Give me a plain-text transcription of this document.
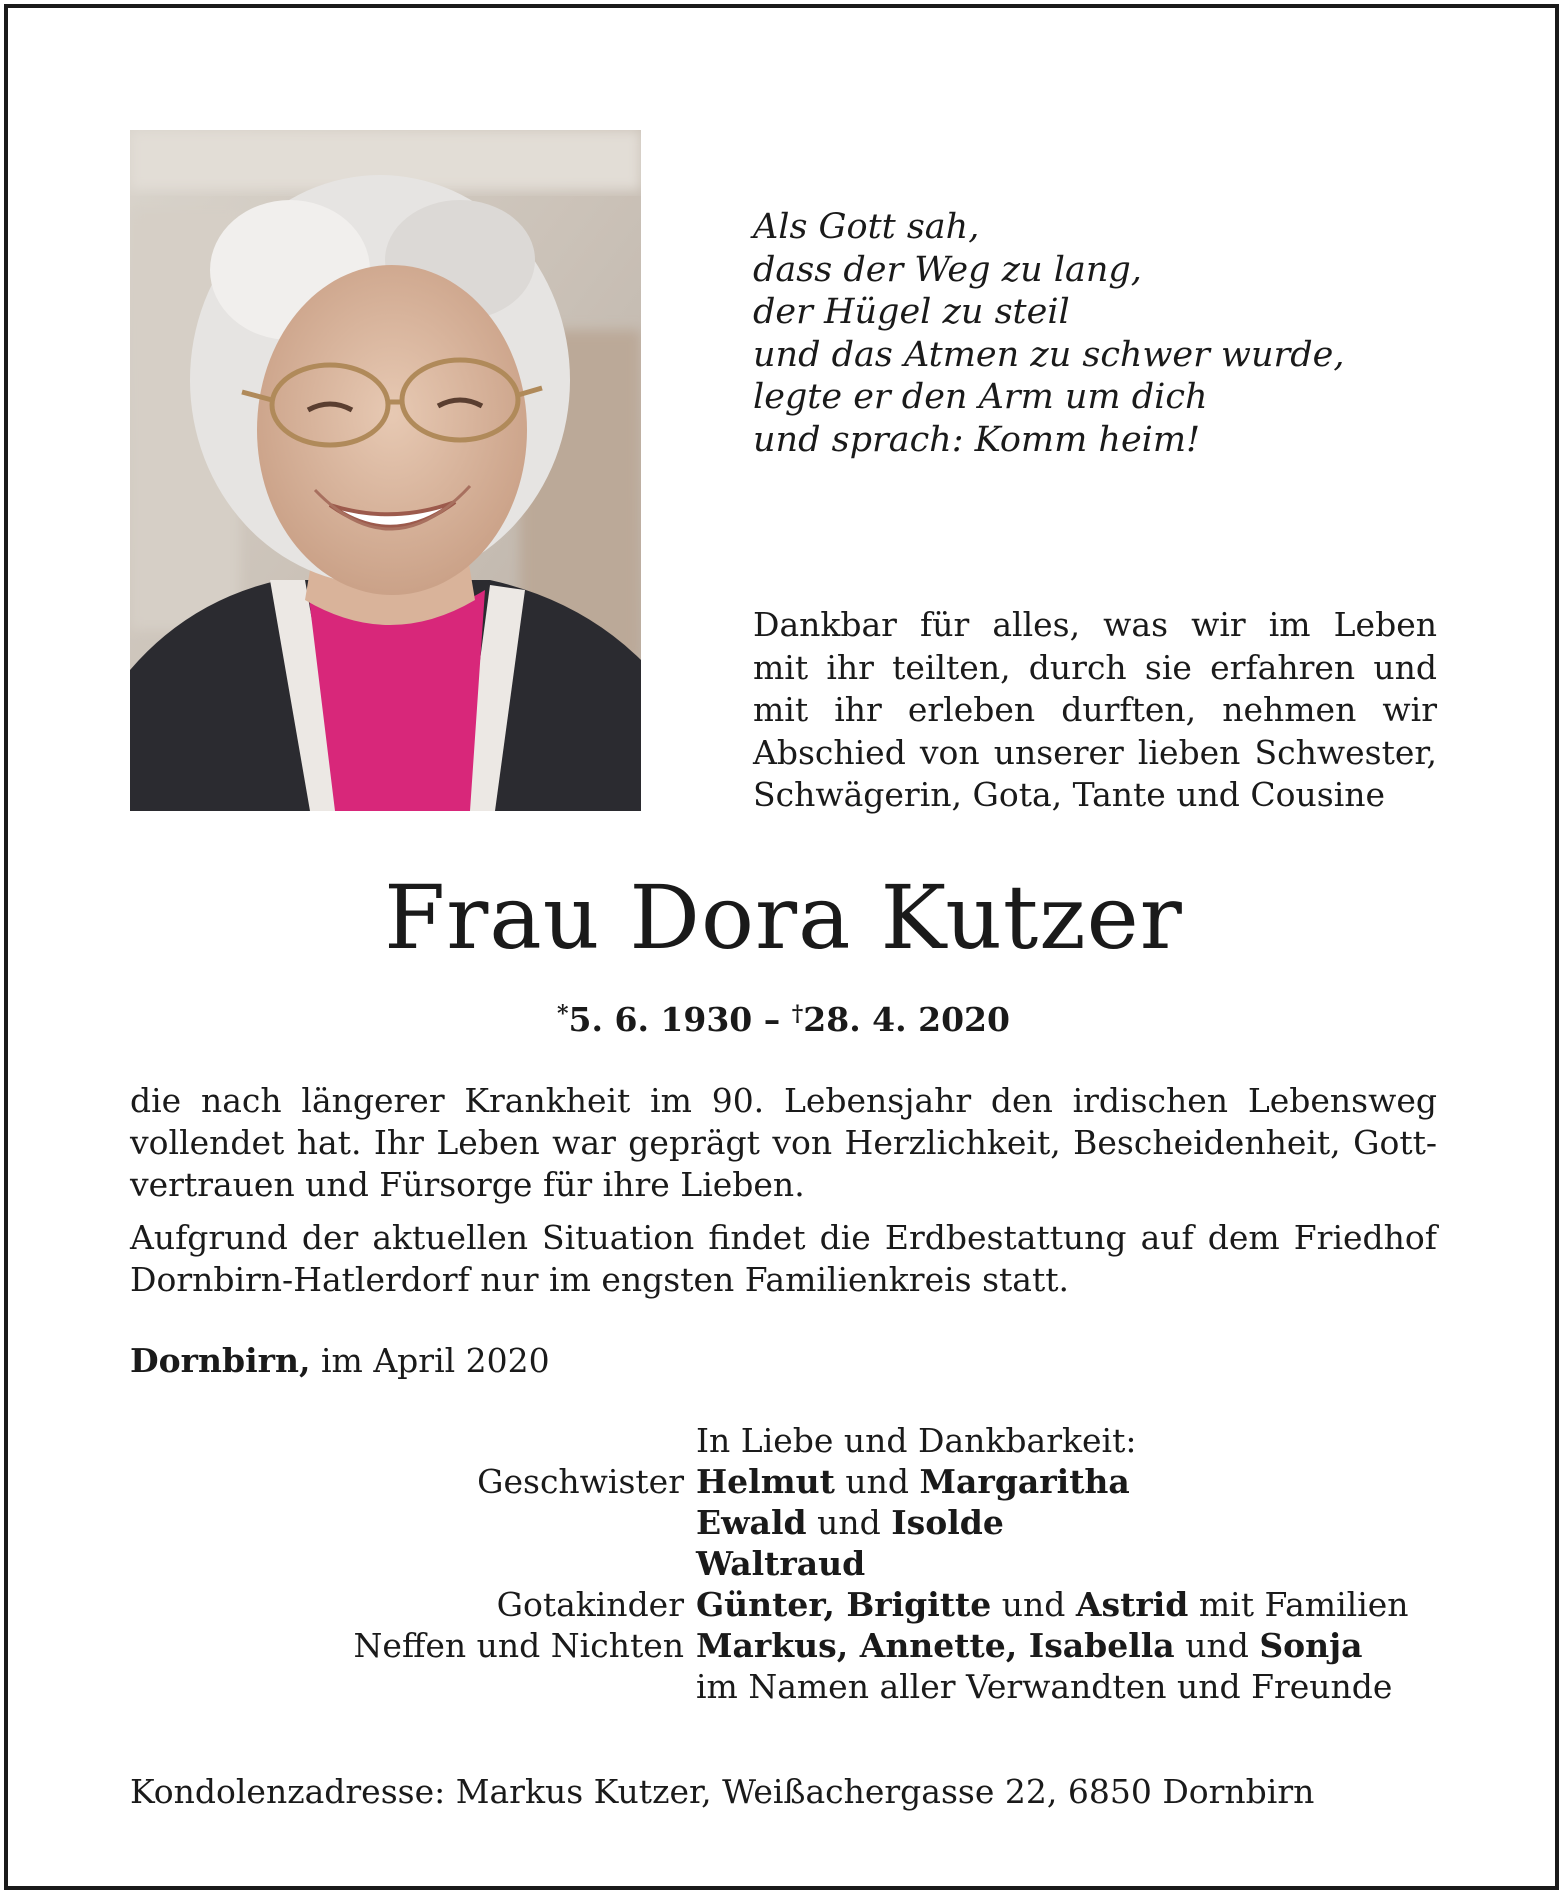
Als Gott sah,
dass der Weg zu lang,
der Hügel zu steil
und das Atmen zu schwer wurde,
legte er den Arm um dich
und sprach: Komm heim!
Dankbar für alles, was wir im Leben
mit ihr teilten, durch sie erfahren und
mit ihr erleben durften, nehmen wir
Abschied von unserer lieben Schwester,
Schwägerin, Gota, Tante und Cousine
Frau Dora Kutzer
*5. 6. 1930 – †28. 4. 2020
die nach längerer Krankheit im 90. Lebensjahr den irdischen Lebensweg
vollendet hat. Ihr Leben war geprägt von Herzlichkeit, Bescheidenheit, Gott-
vertrauen und Fürsorge für ihre Lieben.
Aufgrund der aktuellen Situation findet die Erdbestattung auf dem Friedhof
Dornbirn-Hatlerdorf nur im engsten Familienkreis statt.
Dornbirn, im April 2020
In Liebe und Dankbarkeit:
Geschwister Helmut und Margaritha
Ewald und Isolde
Waltraud
Gotakinder Günter, Brigitte und Astrid mit Familien
Neffen und Nichten Markus, Annette, Isabella und Sonja
im Namen aller Verwandten und Freunde
Kondolenzadresse: Markus Kutzer, Weißachergasse 22, 6850 Dornbirn
